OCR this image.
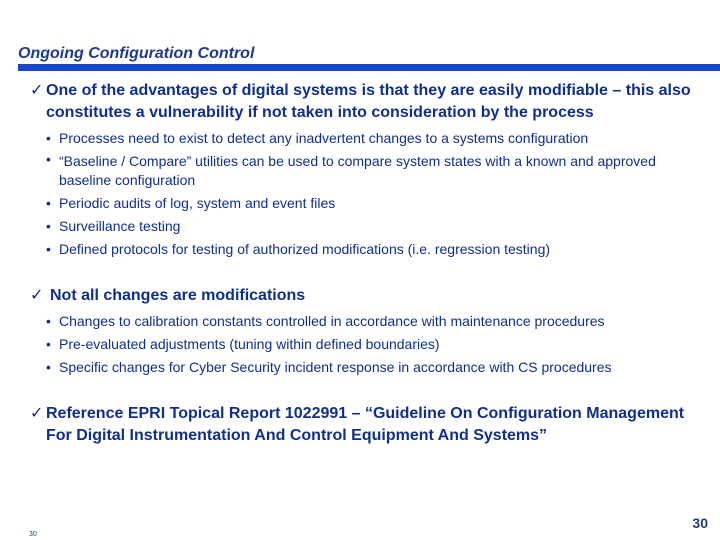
Ongoing Configuration Control

✓ One of the advantages of digital systems is that they are easily modifiable – this also constitutes a vulnerability if not taken into consideration by the process

• Processes need to exist to detect any inadvertent changes to a systems configuration
• “Baseline / Compare” utilities can be used to compare system states with a known and approved baseline configuration
• Periodic audits of log, system and event files
• Surveillance testing
• Defined protocols for testing of authorized modifications (i.e. regression testing)

✓ Not all changes are modifications

• Changes to calibration constants controlled in accordance with maintenance procedures
• Pre-evaluated adjustments (tuning within defined boundaries)
• Specific changes for Cyber Security incident response in accordance with CS procedures

✓ Reference EPRI Topical Report 1022991 – “Guideline On Configuration Management For Digital Instrumentation And Control Equipment And Systems”

30
30
